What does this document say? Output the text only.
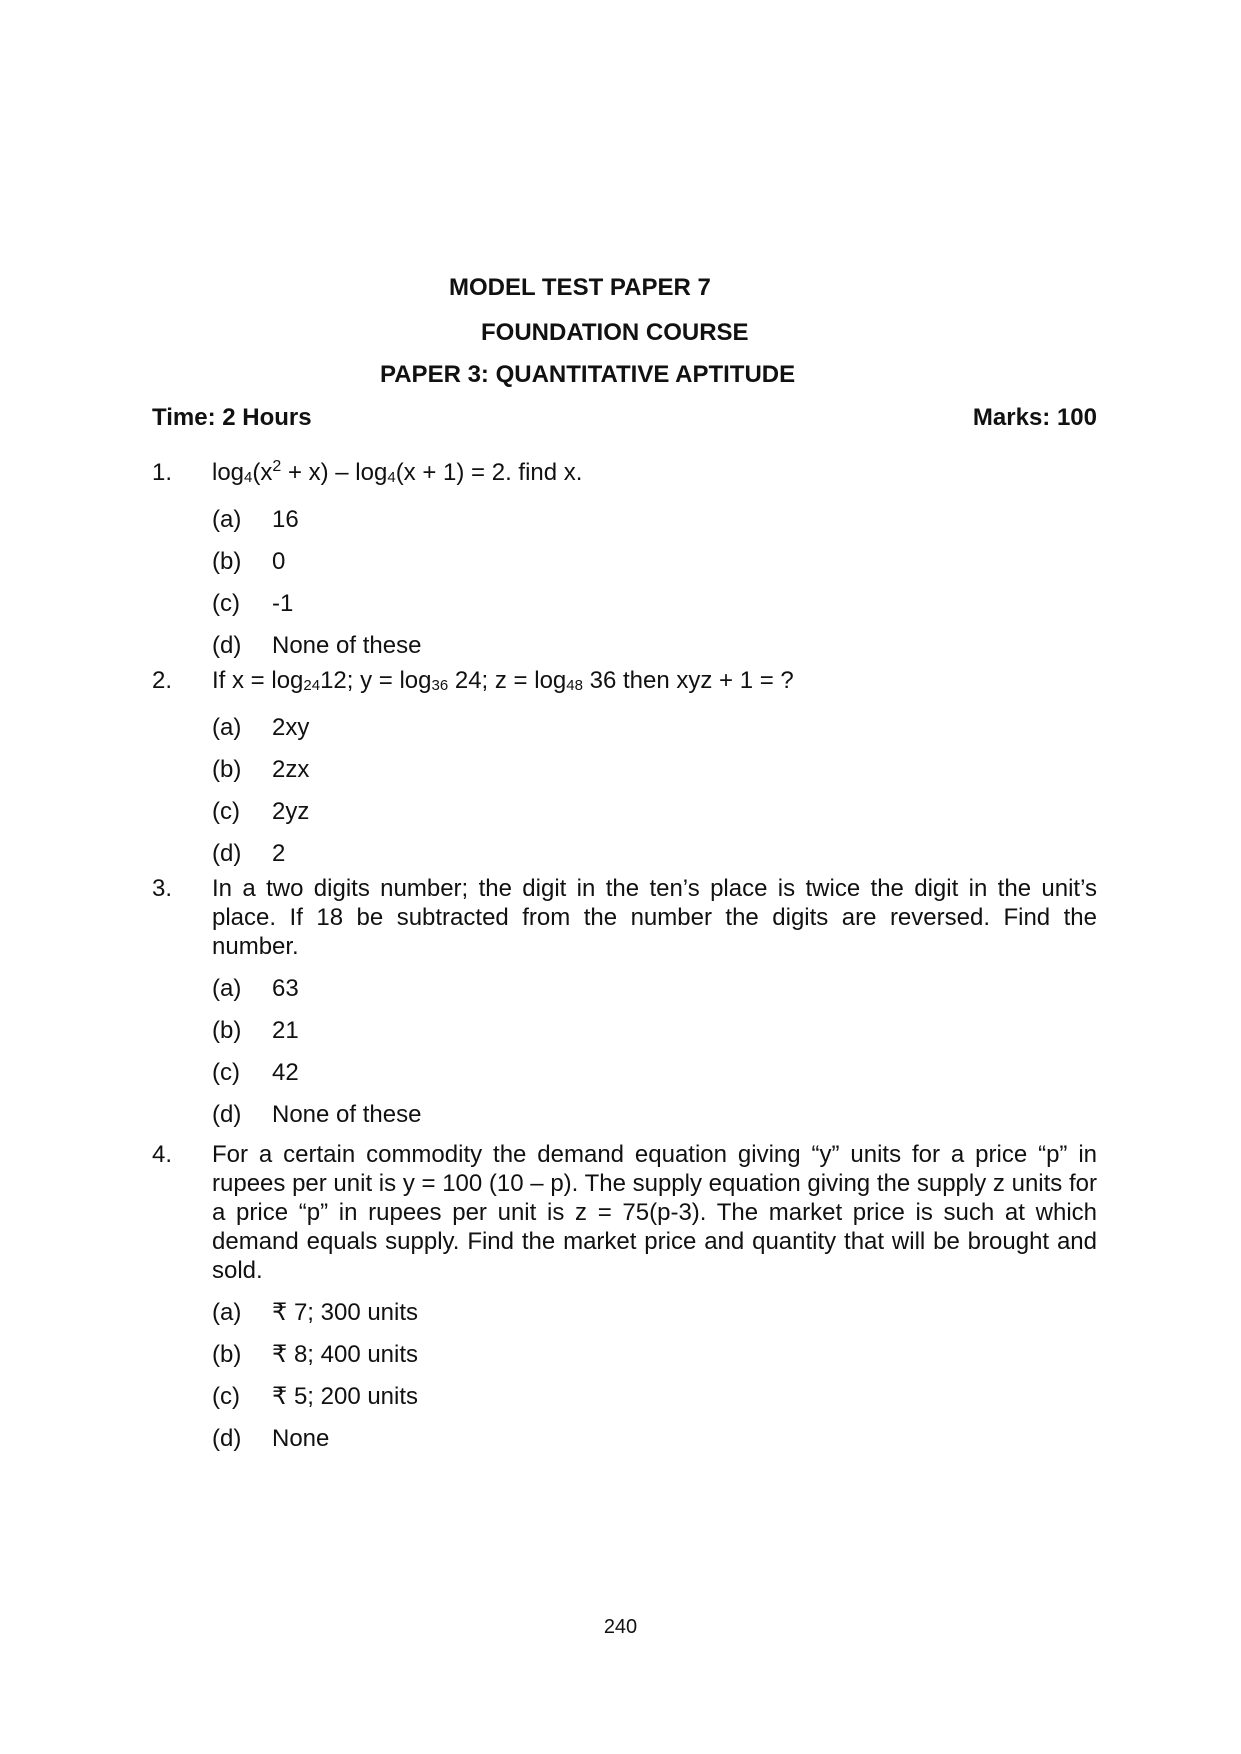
MODEL TEST PAPER 7
FOUNDATION COURSE
PAPER 3: QUANTITATIVE APTITUDE
Time: 2 Hours	Marks: 100
1. $\log_4(x^2 + x) - \log_4(x + 1) = 2$. find x.
(a)	16
(b)	0
(c)	-1
(d)	None of these
2. If $x = \log_{24}12$; $y = \log_{36} 24$; $z = \log_{48} 36$ then xyz + 1 = ?
(a)	2xy
(b)	2zx
(c)	2yz
(d)	2
3. In a two digits number; the digit in the ten’s place is twice the digit in the unit’s place. If 18 be subtracted from the number the digits are reversed. Find the number.
(a)	63
(b)	21
(c)	42
(d)	None of these
4. For a certain commodity the demand equation giving “y” units for a price “p” in rupees per unit is y = 100 (10 – p). The supply equation giving the supply z units for a price “p” in rupees per unit is z = 75(p-3). The market price is such at which demand equals supply. Find the market price and quantity that will be brought and sold.
(a)	₹ 7; 300 units
(b)	₹ 8; 400 units
(c)	₹ 5; 200 units
(d)	None
240
